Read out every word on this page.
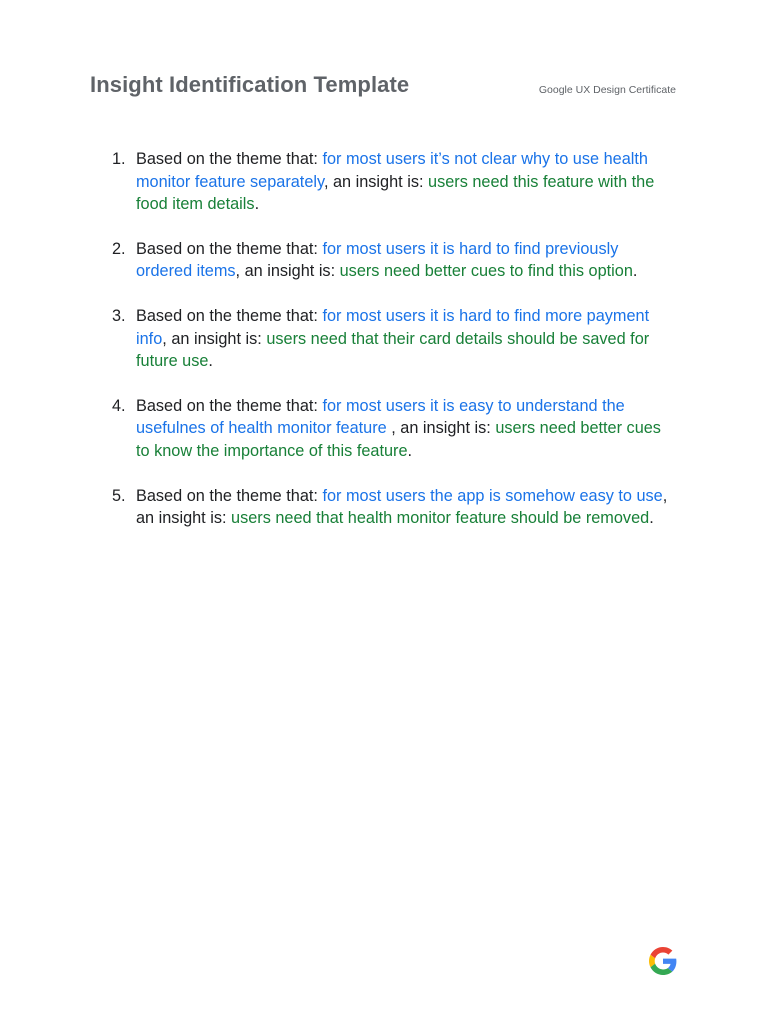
Insight Identification Template	Google UX Design Certificate
1. Based on the theme that: for most users it’s not clear why to use health monitor feature separately, an insight is: users need this feature with the food item details.
2. Based on the theme that: for most users it is hard to find previously ordered items, an insight is: users need better cues to find this option.
3. Based on the theme that: for most users it is hard to find more payment info, an insight is: users need that their card details should be saved for future use.
4. Based on the theme that: for most users it is easy to understand the usefulnes of health monitor feature , an insight is: users need better cues to know the importance of this feature.
5. Based on the theme that: for most users the app is somehow easy to use, an insight is: users need that health monitor feature should be removed.
